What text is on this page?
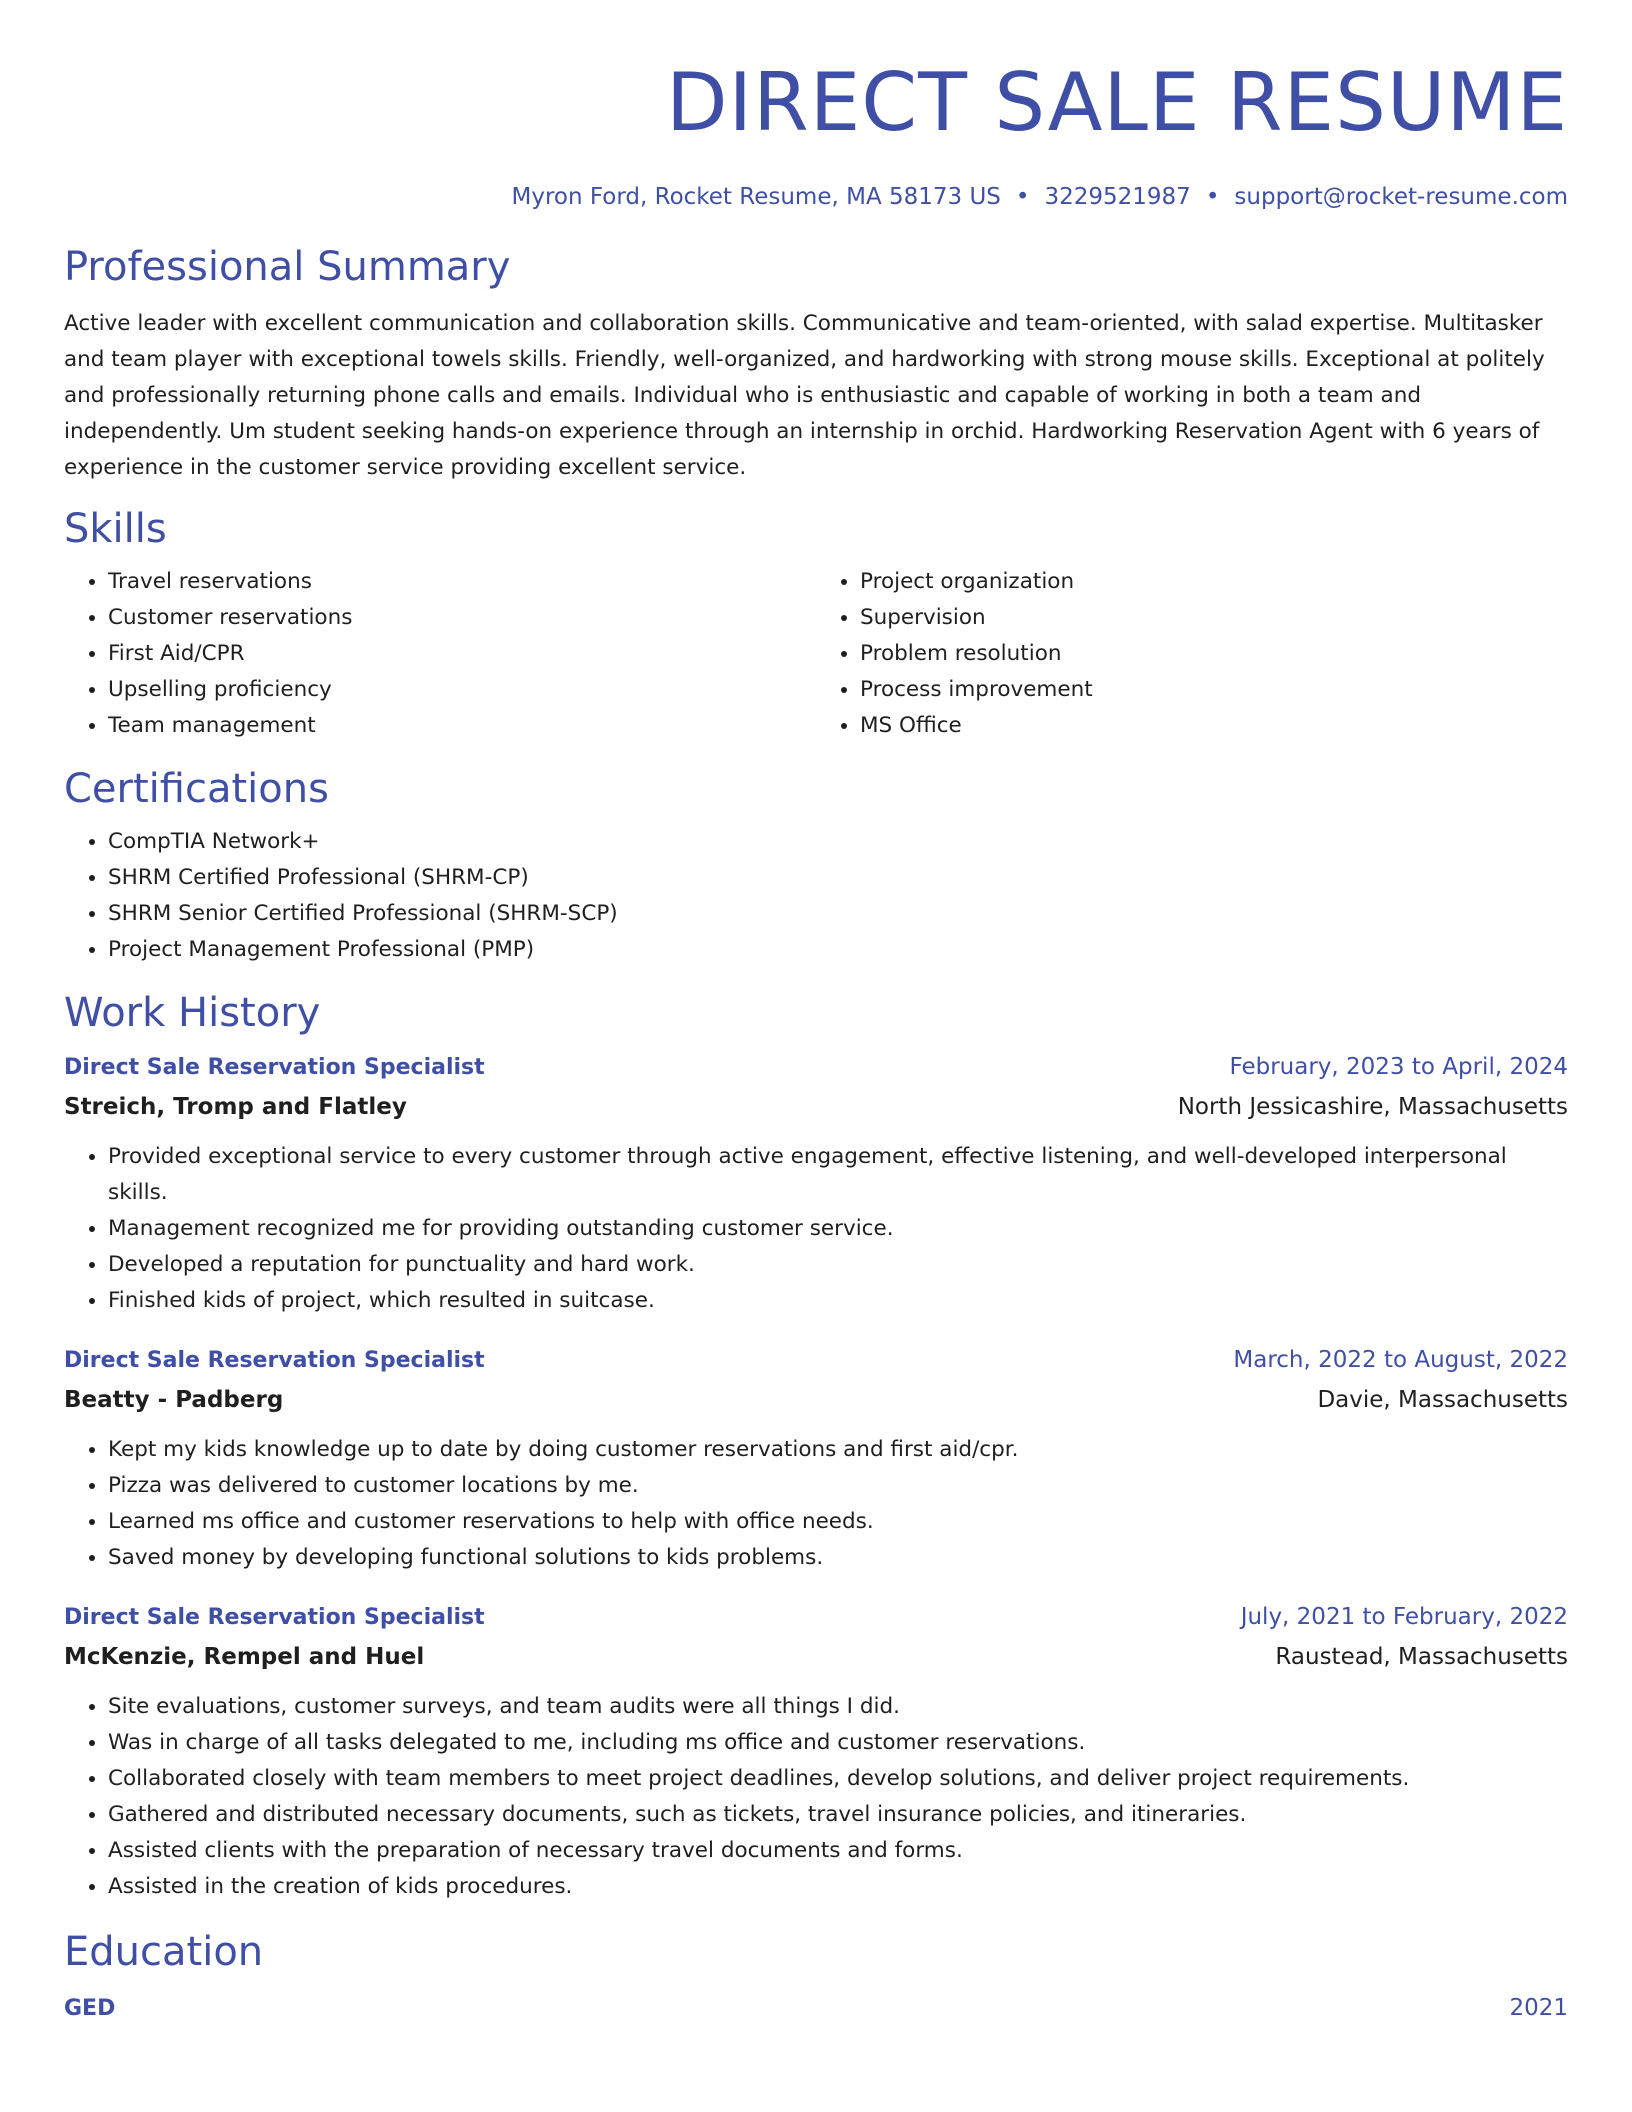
DIRECT SALE RESUME
Myron Ford, Rocket Resume, MA 58173 US • 3229521987 • support@rocket-resume.com
Professional Summary

Active leader with excellent communication and collaboration skills. Communicative and team-oriented, with salad expertise. Multitasker and team player with exceptional towels skills. Friendly, well-organized, and hardworking with strong mouse skills. Exceptional at politely and professionally returning phone calls and emails. Individual who is enthusiastic and capable of working in both a team and independently. Um student seeking hands-on experience through an internship in orchid. Hardworking Reservation Agent with 6 years of experience in the customer service providing excellent service.

Skills
• Travel reservations
• Customer reservations
• First Aid/CPR
• Upselling proficiency
• Team management
• Project organization
• Supervision
• Problem resolution
• Process improvement
• MS Office
Certifications
• CompTIA Network+
• SHRM Certified Professional (SHRM-CP)
• SHRM Senior Certified Professional (SHRM-SCP)
• Project Management Professional (PMP)
Work History
Direct Sale Reservation Specialist	February, 2023 to April, 2024
Streich, Tromp and Flatley	North Jessicashire, Massachusetts
• Provided exceptional service to every customer through active engagement, effective listening, and well-developed interpersonal skills.
• Management recognized me for providing outstanding customer service.
• Developed a reputation for punctuality and hard work.
• Finished kids of project, which resulted in suitcase.
Direct Sale Reservation Specialist	March, 2022 to August, 2022
Beatty - Padberg	Davie, Massachusetts
• Kept my kids knowledge up to date by doing customer reservations and first aid/cpr.
• Pizza was delivered to customer locations by me.
• Learned ms office and customer reservations to help with office needs.
• Saved money by developing functional solutions to kids problems.
Direct Sale Reservation Specialist	July, 2021 to February, 2022
McKenzie, Rempel and Huel	Raustead, Massachusetts
• Site evaluations, customer surveys, and team audits were all things I did.
• Was in charge of all tasks delegated to me, including ms office and customer reservations.
• Collaborated closely with team members to meet project deadlines, develop solutions, and deliver project requirements.
• Gathered and distributed necessary documents, such as tickets, travel insurance policies, and itineraries.
• Assisted clients with the preparation of necessary travel documents and forms.
• Assisted in the creation of kids procedures.
Education
GED	2021
